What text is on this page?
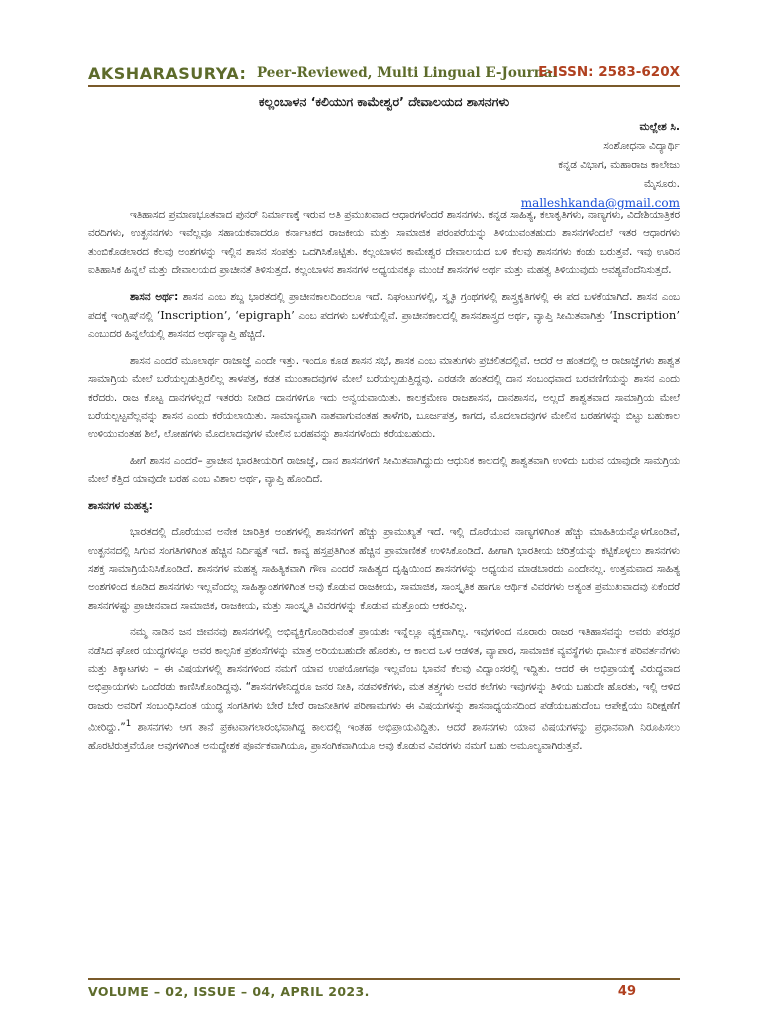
AKSHARASURYA: Peer-Reviewed, Multi Lingual E-Journal
E-ISSN: 2583-620X
ಕಲ್ಲಂಬಾಳನ ‘ಕಲಿಯುಗ ಕಾಮೇಶ್ವರ’ ದೇವಾಲಯದ ಶಾಸನಗಳು
ಮಲ್ಲೇಶ ಸಿ.
ಸಂಶೋಧನಾ ವಿದ್ಯಾರ್ಥಿ
ಕನ್ನಡ ವಿಭಾಗ, ಮಹಾರಾಜ ಕಾಲೇಜು
ಮೈಸೂರು.
malleshkanda@gmail.com

ಇತಿಹಾಸದ ಪ್ರಮಾಣಭೂತವಾದ ಪುನರ್ ನಿರ್ಮಾಣಕ್ಕೆ ಇರುವ ಅತಿ ಪ್ರಮುಖವಾದ ಆಧಾರಗಳೆಂದರೆ ಶಾಸನಗಳು. ಕನ್ನಡ ಸಾಹಿತ್ಯ, ಕಲಾಕೃತಿಗಳು, ನಾಣ್ಯಗಳು, ವಿದೇಶಿಯಾತ್ರಿಕರ ವರದಿಗಳು, ಉತ್ಖನನಗಳು ಇವೆಲ್ಲವೂ ಸಹಾಯಕವಾದರೂ ಕರ್ನಾಟಕದ ರಾಜಕೀಯ ಮತ್ತು ಸಾಮಾಜಿಕ ಪರಂಪರೆಯನ್ನು ತಿಳಿಯುವಂತಹುದು ಶಾಸನಗಳೆಂದಲೆ ಇತರ ಆಧಾರಗಳು ತುಂಬಿಕೊಡಲಾರದ ಕೆಲವು ಅಂಶಗಳನ್ನು ಇಲ್ಲಿನ ಶಾಸನ ಸಂಪತ್ತು ಒದಗಿಸಿಕೊಟ್ಟಿತು. ಕಲ್ಲಂಬಾಳನ ಕಾಮೇಶ್ವರ ದೇವಾಲಯದ ಬಳಿ ಕೆಲವು ಶಾಸನಗಳು ಕಂಡು ಬರುತ್ತವೆ. ಇವು ಊರಿನ ಐತಿಹಾಸಿಕ ಹಿನ್ನಲೆ ಮತ್ತು ದೇವಾಲಯದ ಪ್ರಾಚೀನತೆ ತಿಳಿಸುತ್ತದೆ. ಕಲ್ಲಂಬಾಳನ ಶಾಸನಗಳ ಅಧ್ಯಯನಕ್ಕೂ ಮುಂಚೆ ಶಾಸನಗಳ ಅರ್ಥ ಮತ್ತು ಮಹತ್ವ ತಿಳಿಯುವುದು ಅವಶ್ಯವೆಂದೆನಿಸುತ್ತದೆ.

ಶಾಸನ ಅರ್ಥ: ಶಾಸನ ಎಂಬ ಶಬ್ದ ಭಾರತದಲ್ಲಿ ಪ್ರಾಚೀನಕಾಲದಿಂದಲೂ ಇದೆ. ನಿಘಂಟುಗಳಲ್ಲಿ, ಸ್ಮೃತಿ ಗ್ರಂಥಗಳಲ್ಲಿ ಶಾಸ್ತ್ರಕೃತಿಗಳಲ್ಲಿ ಈ ಪದ ಬಳಕೆಯಾಗಿದೆ. ಶಾಸನ ಎಂಬ ಪದಕ್ಕೆ ಇಂಗ್ಲಿಷ್‌ನಲ್ಲಿ ‘Inscription’, ‘epigraph’ ಎಂಬ ಪದಗಳು ಬಳಕೆಯಲ್ಲಿವೆ. ಪ್ರಾಚೀನಕಾಲದಲ್ಲಿ ಶಾಸನಶಾಸ್ತ್ರದ ಅರ್ಥ, ವ್ಯಾಪ್ತಿ ಸೀಮಿತವಾಗಿತ್ತು ‘Inscription’ ಎಂಬುದರ ಹಿನ್ನಲೆಯಲ್ಲಿ ಶಾಸನದ ಅರ್ಥವ್ಯಾಪ್ತಿ ಹೆಚ್ಚಿದೆ.

ಶಾಸನ ಎಂದರೆ ಮೂಲಾರ್ಥ ರಾಜಾಜ್ಞೆ ಎಂದೇ ಇತ್ತು. ಇಂದೂ ಕೂಡ ಶಾಸನ ಸಭೆ, ಶಾಸಕ ಎಂಬ ಮಾತುಗಳು ಪ್ರಚಲಿತದಲ್ಲಿವೆ. ಆದರೆ ಆ ಹಂತದಲ್ಲಿ ಆ ರಾಜಾಜ್ಞೆಗಳು ಶಾಶ್ವತ ಸಾಮಾಗ್ರಿಯ ಮೇಲೆ ಬರೆಯಲ್ಪಡುತ್ತಿರಲಿಲ್ಲ ತಾಳಪತ್ರ, ಕಡತ ಮುಂತಾದವುಗಳ ಮೇಲೆ ಬರೆಯಲ್ಪಡುತ್ತಿದ್ದವು. ಎರಡನೇ ಹಂತದಲ್ಲಿ ದಾನ ಸಂಬಂಧವಾದ ಬರವಣಿಗೆಯನ್ನು ಶಾಸನ ಎಂದು ಕರೆದರು. ರಾಜ ಕೊಟ್ಟ ದಾನಗಳಲ್ಲದೆ ಇತರರು ನೀಡಿದ ದಾನಗಳಿಗೂ ಇದು ಅನ್ವಯವಾಯಿತು. ಕಾಲಕ್ರಮೇಣ ರಾಜಶಾಸನ, ದಾನಶಾಸನ, ಅಲ್ಲದೆ ಶಾಶ್ವತವಾದ ಸಾಮಾಗ್ರಿಯ ಮೇಲೆ ಬರೆಯಲ್ಪಟ್ಟವೆಲ್ಲವನ್ನು ಶಾಸನ ಎಂದು ಕರೆಯಲಾಯಿತು. ಸಾಮಾನ್ಯವಾಗಿ ನಾಶವಾಗುವಂತಹ ತಾಳೆಗರಿ, ಬೂರ್ಜಪತ್ರ, ಕಾಗದ, ಮೊದಲಾದವುಗಳ ಮೇಲಿನ ಬರಹಗಳನ್ನು ಬಿಟ್ಟು ಬಹುಕಾಲ ಉಳಿಯುವಂತಹ ಶಿಲೆ, ಲೋಹಗಳು ಮೊದಲಾದವುಗಳ ಮೇಲಿನ ಬರಹವನ್ನು ಶಾಸನಗಳೆಂದು ಕರೆಯಬಹುದು.

ಹೀಗೆ ಶಾಸನ ಎಂದರೆ– ಪ್ರಾಚೀನ ಭಾರತೀಯರಿಗೆ ರಾಜಾಜ್ಞೆ, ದಾನ ಶಾಸನಗಳಿಗೆ ಸೀಮಿತವಾಗಿದ್ದುದು ಆಧುನಿಕ ಕಾಲದಲ್ಲಿ ಶಾಶ್ವತವಾಗಿ ಉಳಿದು ಬರುವ ಯಾವುದೇ ಸಾಮಗ್ರಿಯ ಮೇಲೆ ಕೆತ್ತಿದ ಯಾವುದೇ ಬರಹ ಎಂಬ ವಿಶಾಲ ಅರ್ಥ, ವ್ಯಾಪ್ತಿ ಹೊಂದಿದೆ.

ಶಾಸನಗಳ ಮಹತ್ವ:

ಭಾರತದಲ್ಲಿ ದೊರೆಯುವ ಅನೇಕ ಚಾರಿತ್ರಿಕ ಅಂಶಗಳಲ್ಲಿ ಶಾಸನಗಳಿಗೆ ಹೆಚ್ಚು ಪ್ರಾಮುಖ್ಯತೆ ಇದೆ. ಇಲ್ಲಿ ದೊರೆಯುವ ನಾಣ್ಯಗಳಿಗಿಂತ ಹೆಚ್ಚು ಮಾಹಿತಿಯನ್ನೊಳಗೊಂಡಿವೆ, ಉತ್ಖನನದಲ್ಲಿ ಸಿಗುವ ಸಂಗತಿಗಳಿಗಿಂತ ಹೆಚ್ಚಿನ ನಿರ್ದಿಷ್ಟತೆ ಇದೆ. ಕಾವ್ಯ ಹಸ್ತಪ್ರತಿಗಿಂತ ಹೆಚ್ಚಿನ ಪ್ರಾಮಾಣಿಕತೆ ಉಳಿಸಿಕೊಂಡಿದೆ. ಹೀಗಾಗಿ ಭಾರತೀಯ ಚರಿತ್ರೆಯನ್ನು ಕಟ್ಟಿಕೊಳ್ಳಲು ಶಾಸನಗಳು ಸಶಕ್ತ ಸಾಮಾಗ್ರಿಯೆನಿಸಿಕೊಂಡಿದೆ. ಶಾಸನಗಳ ಮಹತ್ವ ಸಾಹಿತ್ಯಿಕವಾಗಿ ಗೌಣ ಎಂದರೆ ಸಾಹಿತ್ಯದ ದೃಷ್ಟಿಯಿಂದ ಶಾಸನಗಳನ್ನು ಅಧ್ಯಯನ ಮಾಡಬಾರದು ಎಂದೇನಲ್ಲ. ಉತ್ತಮವಾದ ಸಾಹಿತ್ಯ ಅಂಶಗಳಿಂದ ಕೂಡಿದ ಶಾಸನಗಳು ಇಲ್ಲವೆಂದಲ್ಲ ಸಾಹಿತ್ಯಾಂಶಗಳಿಗಿಂತ ಅವು ಕೊಡುವ ರಾಜಕೀಯ, ಸಾಮಾಜಿಕ, ಸಾಂಸ್ಕೃತಿಕ ಹಾಗೂ ಆರ್ಥಿಕ ವಿವರಗಳು ಅತ್ಯಂತ ಪ್ರಮುಖವಾದವು ಏಕೆಂದರೆ ಶಾಸನಗಳಷ್ಟು ಪ್ರಾಚೀನವಾದ ಸಾಮಾಜಿಕ, ರಾಜಕೀಯ, ಮತ್ತು ಸಾಂಸ್ಕೃತಿ ವಿವರಗಳನ್ನು ಕೊಡುವ ಮತ್ತೊಂದು ಆಕರವಿಲ್ಲ.

ನಮ್ಮ ನಾಡಿನ ಜನ ಜೀವನವು ಶಾಸನಗಳಲ್ಲಿ ಅಭಿವ್ಯಕ್ತಿಗೊಂಡಿರುವಂತೆ ಪ್ರಾಯಶಃ ಇನ್ನೆಲ್ಲೂ ವ್ಯಕ್ತವಾಗಿಲ್ಲ. ಇವುಗಳಿಂದ ನೂರಾರು ರಾಜರ ಇತಿಹಾಸವನ್ನು ಅವರು ಪರಸ್ಪರ ನಡೆಸಿದ ಘೋರ ಯುದ್ಧಗಳನ್ನೂ ಅವರ ಕಾಲ್ಪನಿಕ ಪ್ರಶಂಸೆಗಳನ್ನು ಮಾತ್ರ ಅರಿಯಬಹುದೇ ಹೊರತು, ಆ ಕಾಲದ ಒಳ ಆಡಳಿತ, ವ್ಯಾಪಾರ, ಸಾಮಾಜಿಕ ವ್ಯವಸ್ಥೆಗಳು ಧಾರ್ಮಿಕ ಪರಿವರ್ತನೆಗಳು ಮತ್ತು ತಿಕ್ಕಾಟಗಳು – ಈ ವಿಷಯಗಳಲ್ಲಿ ಶಾಸನಗಳಿಂದ ನಮಗೆ ಯಾವ ಉಪಯೋಗವೂ ಇಲ್ಲವೆಂಬ ಭಾವನೆ ಕೆಲವು ವಿದ್ವಾಂಸರಲ್ಲಿ ಇದ್ದಿತು. ಆದರೆ ಈ ಅಭಿಪ್ರಾಯಕ್ಕೆ ವಿರುದ್ಧವಾದ ಅಭಿಪ್ರಾಯಗಳು ಒಂದೆರಡು ಕಾಣಿಸಿಕೊಂಡಿದ್ದವು. “ಶಾಸನಗಳೇನಿದ್ದರೂ ಜನರ ನೀತಿ, ನಡವಳಿಕೆಗಳು, ಮತ ತತ್ತ್ವಗಳು ಅವರ ಕಲೆಗಳು ಇವುಗಳನ್ನು ತಿಳಿಯ ಬಹುದೇ ಹೊರತು, ಇಲ್ಲಿ ಆಳಿದ ರಾಜರು ಅವರಿಗೆ ಸಂಬಂಧಿಸಿದಂತ ಯುದ್ಧ ಸಂಗತಿಗಳು ಬೇರೆ ಬೇರೆ ರಾಜನೀತಿಗಳ ಪರಿಣಾಮಗಳು ಈ ವಿಷಯಗಳನ್ನು ಶಾಸನಾಧ್ಯಯನದಿಂದ ಪಡೆಯಬಹುದೆಂಬ ಆಪೇಕ್ಷೆಯು ನಿರೀಕ್ಷಣೆಗೆ ಮೀರಿದ್ದು.”$^1$ ಶಾಸನಗಳು ಆಗ ತಾನೆ ಪ್ರಕಟವಾಗಲಾರಂಭವಾಗಿದ್ದ ಕಾಲದಲ್ಲಿ ಇಂತಹ ಅಭಿಪ್ರಾಯವಿದ್ದಿತು. ಆದರೆ ಶಾಸನಗಳು ಯಾವ ವಿಷಯಗಳನ್ನು ಪ್ರಧಾನವಾಗಿ ನಿರೂಪಿಸಲು ಹೊರಟಿರುತ್ತವೆಯೋ ಅವುಗಳಿಗಿಂತ ಅನುದ್ದೇಶಕ ಪೂರ್ವಕವಾಗಿಯೂ, ಪ್ರಾಸಂಗಿಕವಾಗಿಯೂ ಅವು ಕೊಡುವ ವಿವರಗಳು ನಮಗೆ ಬಹು ಅಮೂಲ್ಯವಾಗಿರುತ್ತವೆ.

VOLUME – 02, ISSUE – 04, APRIL 2023.	49
